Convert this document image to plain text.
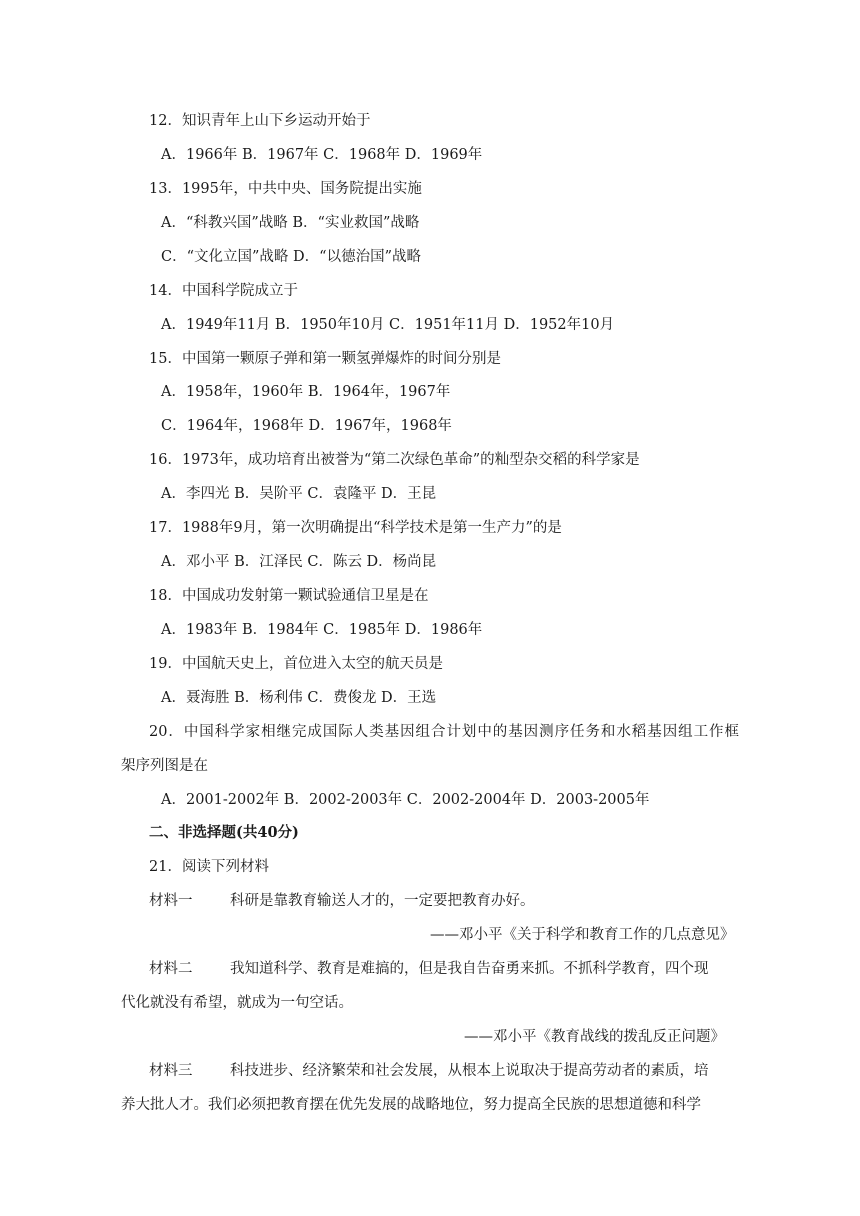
12．知识青年上山下乡运动开始于
A．1966年 B．1967年 C．1968年 D．1969年
13．1995年，中共中央、国务院提出实施
A．“科教兴国”战略 B．“实业救国”战略
C．“文化立国”战略 D．“以德治国”战略
14．中国科学院成立于
A．1949年11月 B．1950年10月 C．1951年11月 D．1952年10月
15．中国第一颗原子弹和第一颗氢弹爆炸的时间分别是
A．1958年，1960年 B．1964年，1967年
C．1964年，1968年 D．1967年，1968年
16．1973年，成功培育出被誉为“第二次绿色革命”的籼型杂交稻的科学家是
A．李四光 B．吴阶平 C．袁隆平 D．王昆
17．1988年9月，第一次明确提出“科学技术是第一生产力”的是
A．邓小平 B．江泽民 C．陈云 D．杨尚昆
18．中国成功发射第一颗试验通信卫星是在
A．1983年 B．1984年 C．1985年 D．1986年
19．中国航天史上，首位进入太空的航天员是
A．聂海胜 B．杨利伟 C．费俊龙 D．王选
20．中国科学家相继完成国际人类基因组合计划中的基因测序任务和水稻基因组工作框
架序列图是在
A．2001-2002年 B．2002-2003年 C．2002-2004年 D．2003-2005年
二、非选择题(共40分)
21．阅读下列材料
材料一	科研是靠教育输送人才的，一定要把教育办好。
——邓小平《关于科学和教育工作的几点意见》
材料二	我知道科学、教育是难搞的，但是我自告奋勇来抓。不抓科学教育，四个现
代化就没有希望，就成为一句空话。
——邓小平《教育战线的拨乱反正问题》
材料三	科技进步、经济繁荣和社会发展，从根本上说取决于提高劳动者的素质，培
养大批人才。我们必须把教育摆在优先发展的战略地位，努力提高全民族的思想道德和科学
